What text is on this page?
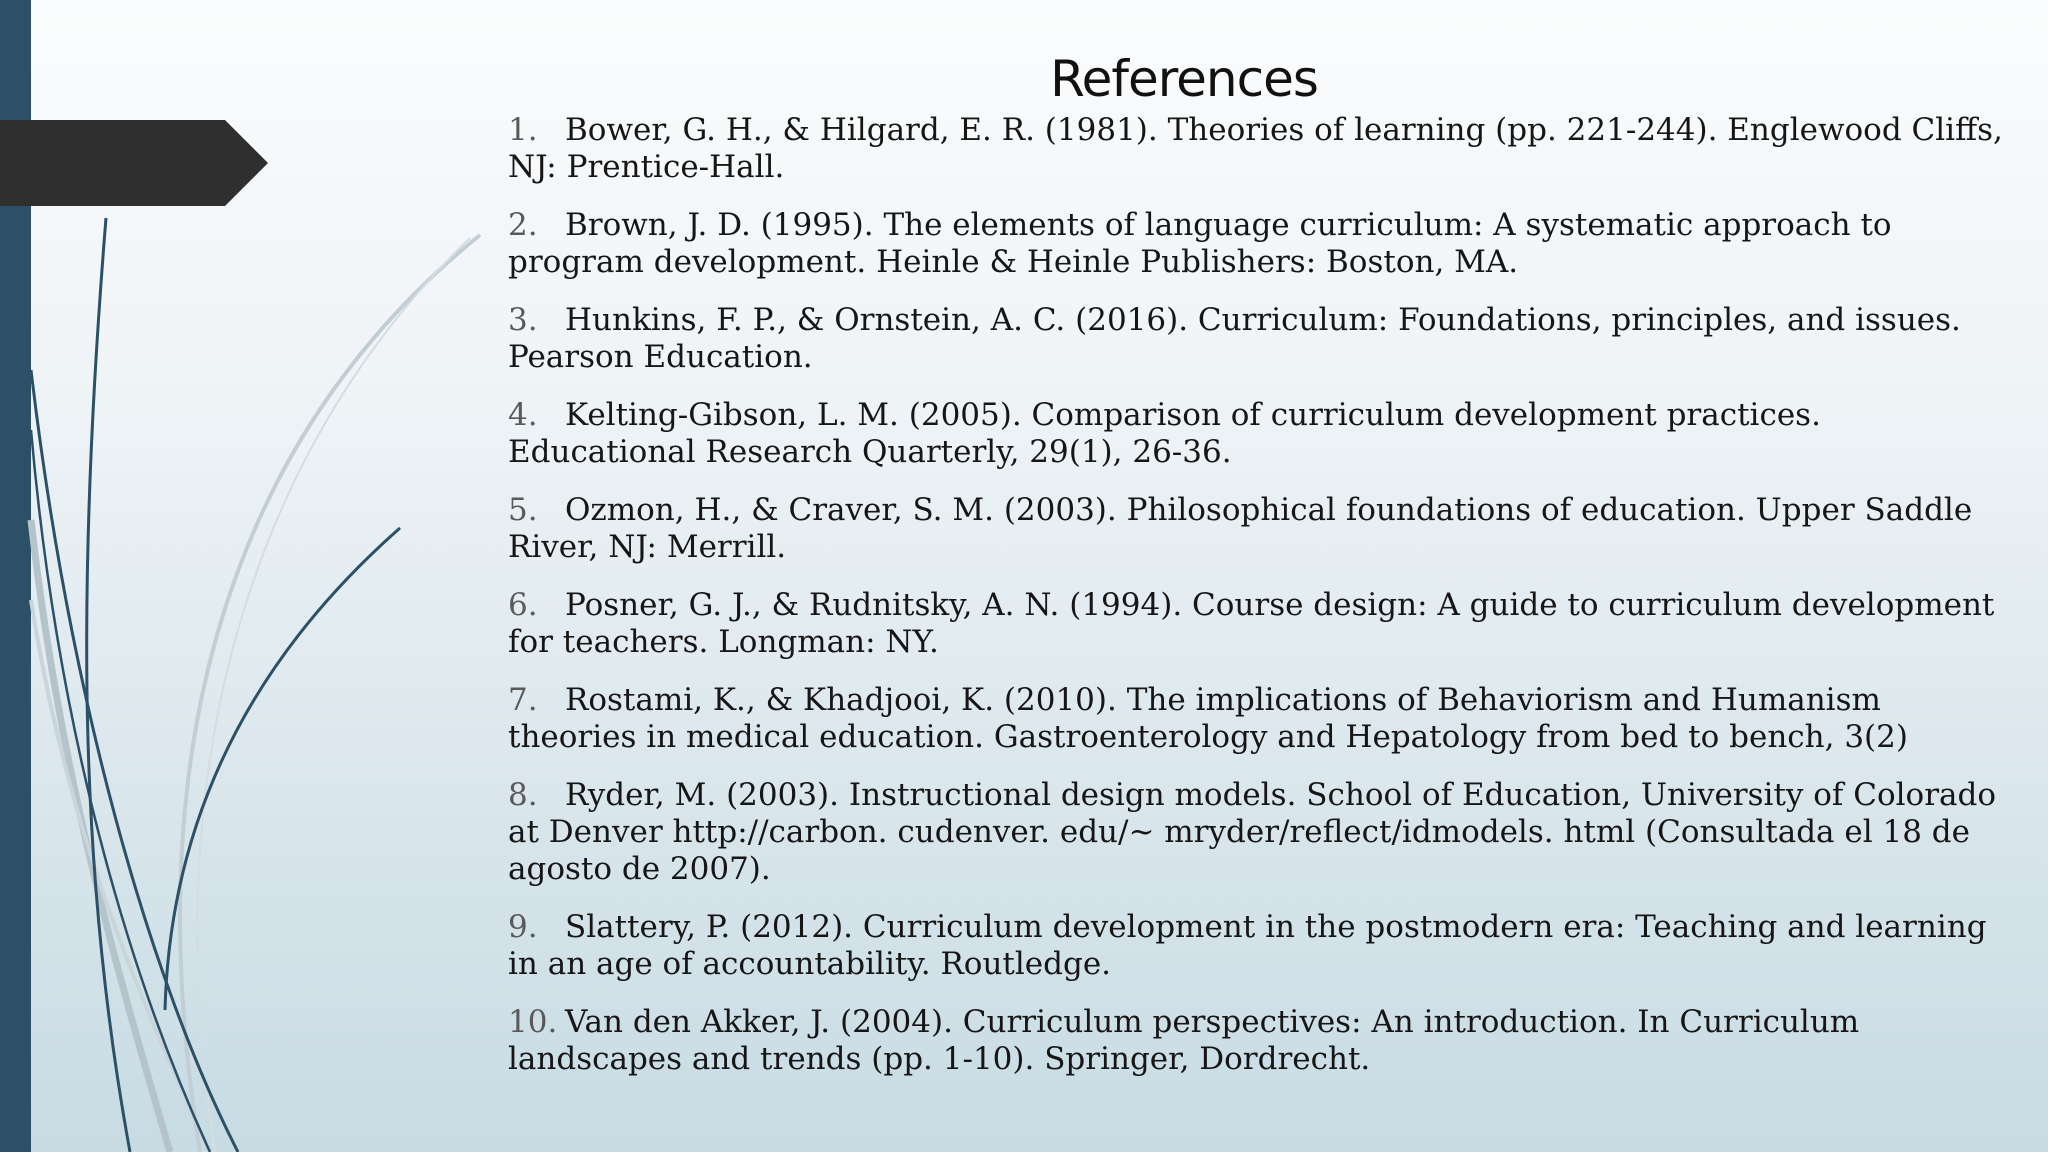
References
1. Bower, G. H., & Hilgard, E. R. (1981). Theories of learning (pp. 221-244). Englewood Cliffs, NJ: Prentice-Hall.
2. Brown, J. D. (1995). The elements of language curriculum: A systematic approach to program development. Heinle & Heinle Publishers: Boston, MA.
3. Hunkins, F. P., & Ornstein, A. C. (2016). Curriculum: Foundations, principles, and issues. Pearson Education.
4. Kelting-Gibson, L. M. (2005). Comparison of curriculum development practices. Educational Research Quarterly, 29(1), 26-36.
5. Ozmon, H., & Craver, S. M. (2003). Philosophical foundations of education. Upper Saddle River, NJ: Merrill.
6. Posner, G. J., & Rudnitsky, A. N. (1994). Course design: A guide to curriculum development for teachers. Longman: NY.
7. Rostami, K., & Khadjooi, K. (2010). The implications of Behaviorism and Humanism theories in medical education. Gastroenterology and Hepatology from bed to bench, 3(2)
8. Ryder, M. (2003). Instructional design models. School of Education, University of Colorado at Denver http://carbon. cudenver. edu/~ mryder/reflect/idmodels. html (Consultada el 18 de agosto de 2007).
9. Slattery, P. (2012). Curriculum development in the postmodern era: Teaching and learning in an age of accountability. Routledge.
10. Van den Akker, J. (2004). Curriculum perspectives: An introduction. In Curriculum landscapes and trends (pp. 1-10). Springer, Dordrecht.
